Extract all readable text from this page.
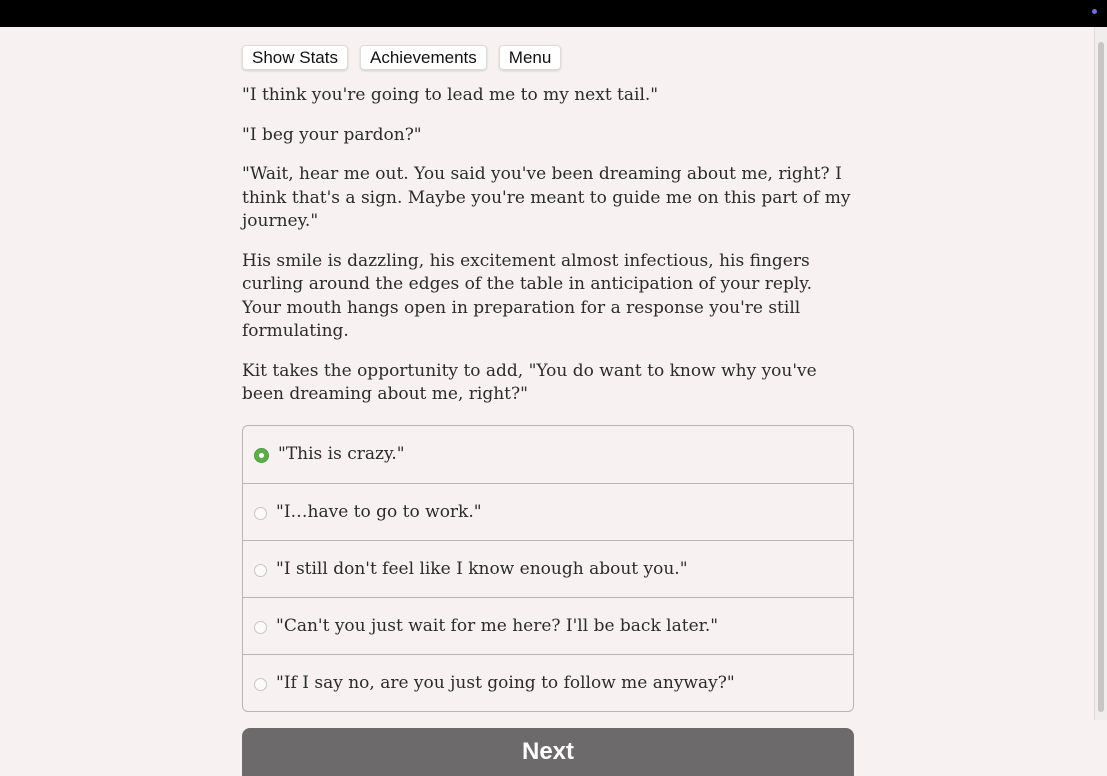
Show Stats	Achievements	Menu

"I think you're going to lead me to my next tail."

"I beg your pardon?"

"Wait, hear me out. You said you've been dreaming about me, right? I think that's a sign. Maybe you're meant to guide me on this part of my journey."

His smile is dazzling, his excitement almost infectious, his fingers curling around the edges of the table in anticipation of your reply. Your mouth hangs open in preparation for a response you're still formulating.

Kit takes the opportunity to add, "You do want to know why you've been dreaming about me, right?"

"This is crazy."
"I…have to go to work."
"I still don't feel like I know enough about you."
"Can't you just wait for me here? I'll be back later."
"If I say no, are you just going to follow me anyway?"
Next
